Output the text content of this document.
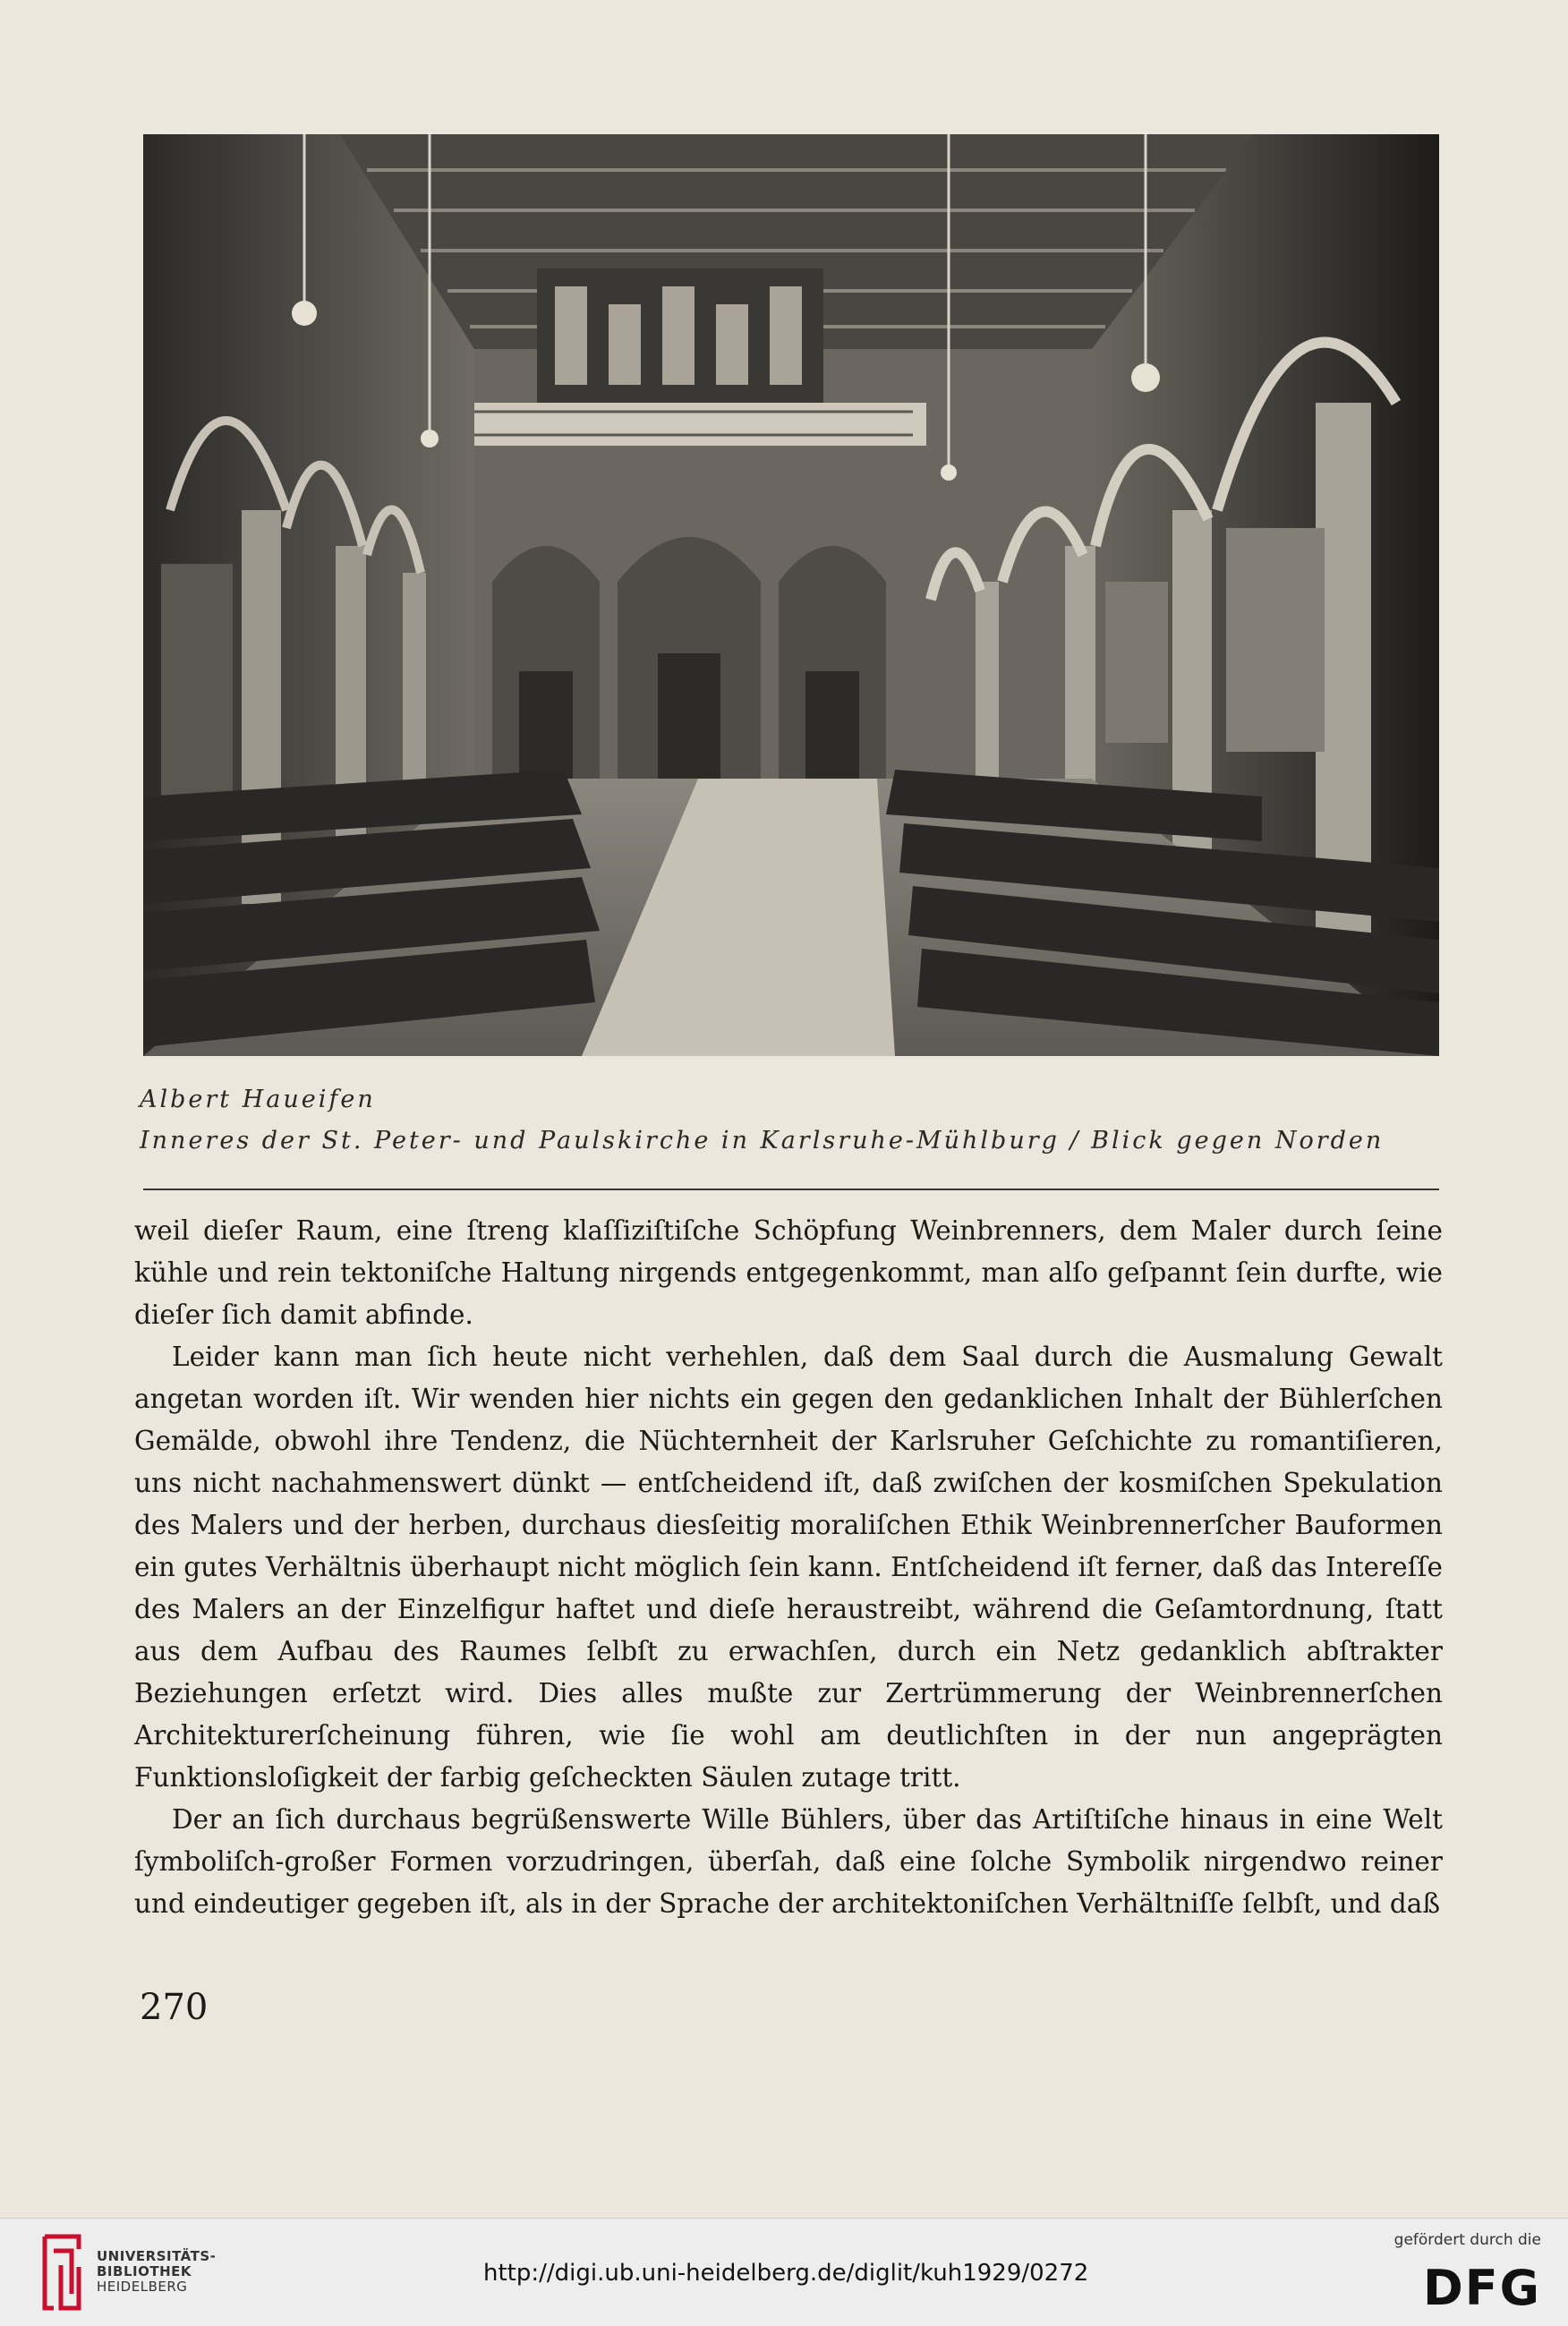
Albert Haueifen
Inneres der St. Peter- und Paulskirche in Karlsruhe-Mühlburg / Blick gegen Norden

weil dieſer Raum, eine ſtreng klaſſiziſtiſche Schöpfung Weinbrenners, dem Maler durch ſeine kühle und rein tektoniſche Haltung nirgends entgegenkommt, man alſo geſpannt ſein durfte, wie dieſer ſich damit abfinde.

Leider kann man ſich heute nicht verhehlen, daß dem Saal durch die Ausmalung Gewalt angetan worden iſt. Wir wenden hier nichts ein gegen den gedanklichen Inhalt der Bühlerſchen Gemälde, obwohl ihre Tendenz, die Nüchternheit der Karlsruher Geſchichte zu romantiſieren, uns nicht nachahmenswert dünkt — entſcheidend iſt, daß zwiſchen der kosmiſchen Spekulation des Malers und der herben, durchaus diesſeitig moraliſchen Ethik Weinbrennerſcher Bauformen ein gutes Verhältnis überhaupt nicht möglich ſein kann. Entſcheidend iſt ferner, daß das Intereſſe des Malers an der Einzelfigur haftet und dieſe heraustreibt, während die Geſamtordnung, ſtatt aus dem Aufbau des Raumes ſelbſt zu erwachſen, durch ein Netz gedanklich abſtrakter Beziehungen erſetzt wird. Dies alles mußte zur Zertrümmerung der Weinbrennerſchen Architekturerſcheinung führen, wie ſie wohl am deutlichſten in der nun angeprägten Funktionsloſigkeit der farbig geſcheckten Säulen zutage tritt.

Der an ſich durchaus begrüßenswerte Wille Bühlers, über das Artiſtiſche hinaus in eine Welt ſymboliſch-großer Formen vorzudringen, überſah, daß eine ſolche Symbolik nirgendwo reiner und eindeutiger gegeben iſt, als in der Sprache der architektoniſchen Verhältniſſe ſelbſt, und daß

270
UNIVERSITÄTS-
BIBLIOTHEK
HEIDELBERG	http://digi.ub.uni-heidelberg.de/diglit/kuh1929/0272
gefördert durch die
DFG
